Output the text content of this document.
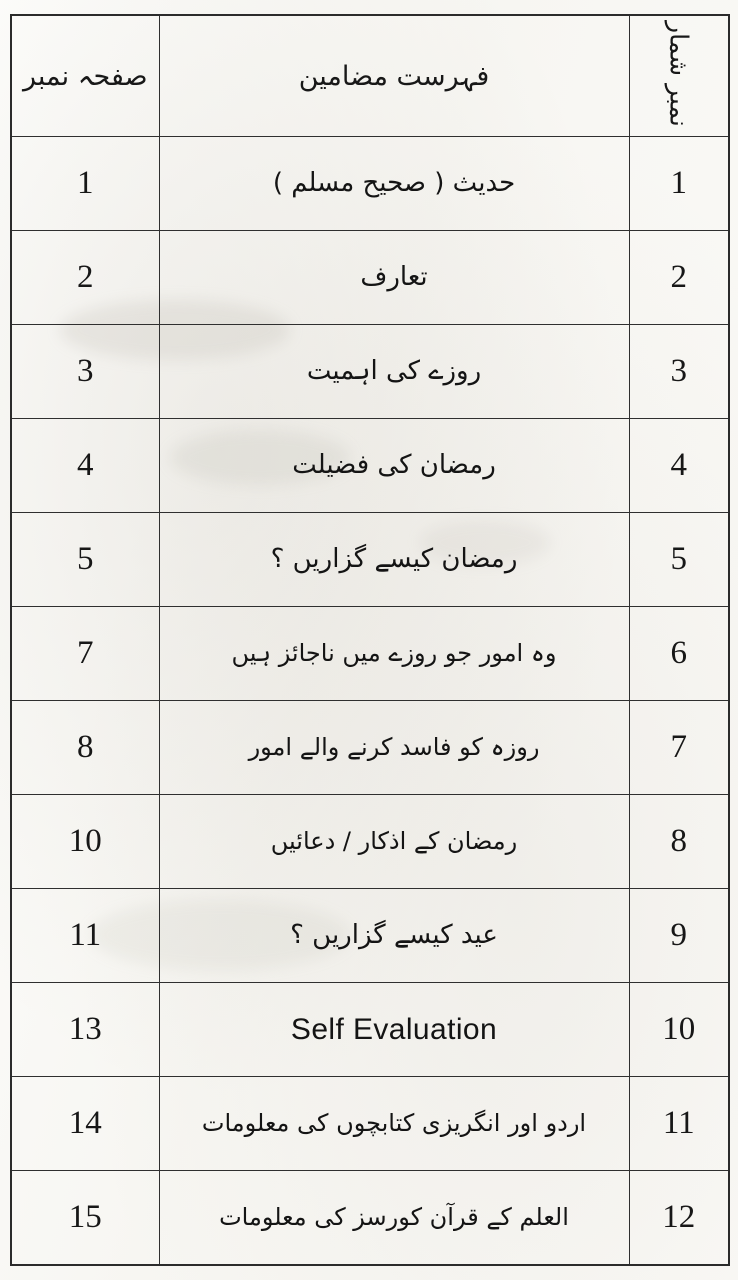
صفحہ نمبر	فہرست مضامین	نمبر شمار
1	حدیث ( صحیح مسلم )	1
2	تعارف	2
3	روزے کی اہمیت	3
4	رمضان کی فضیلت	4
5	رمضان کیسے گزاریں ؟	5
7	وہ امور جو روزے میں ناجائز ہیں	6
8	روزہ کو فاسد کرنے والے امور	7
10	رمضان کے اذکار / دعائیں	8
11	عید کیسے گزاریں ؟	9
13	Self Evaluation	10
14	اردو اور انگریزی کتابچوں کی معلومات	11
15	العلم کے قرآن کورسز کی معلومات	12
